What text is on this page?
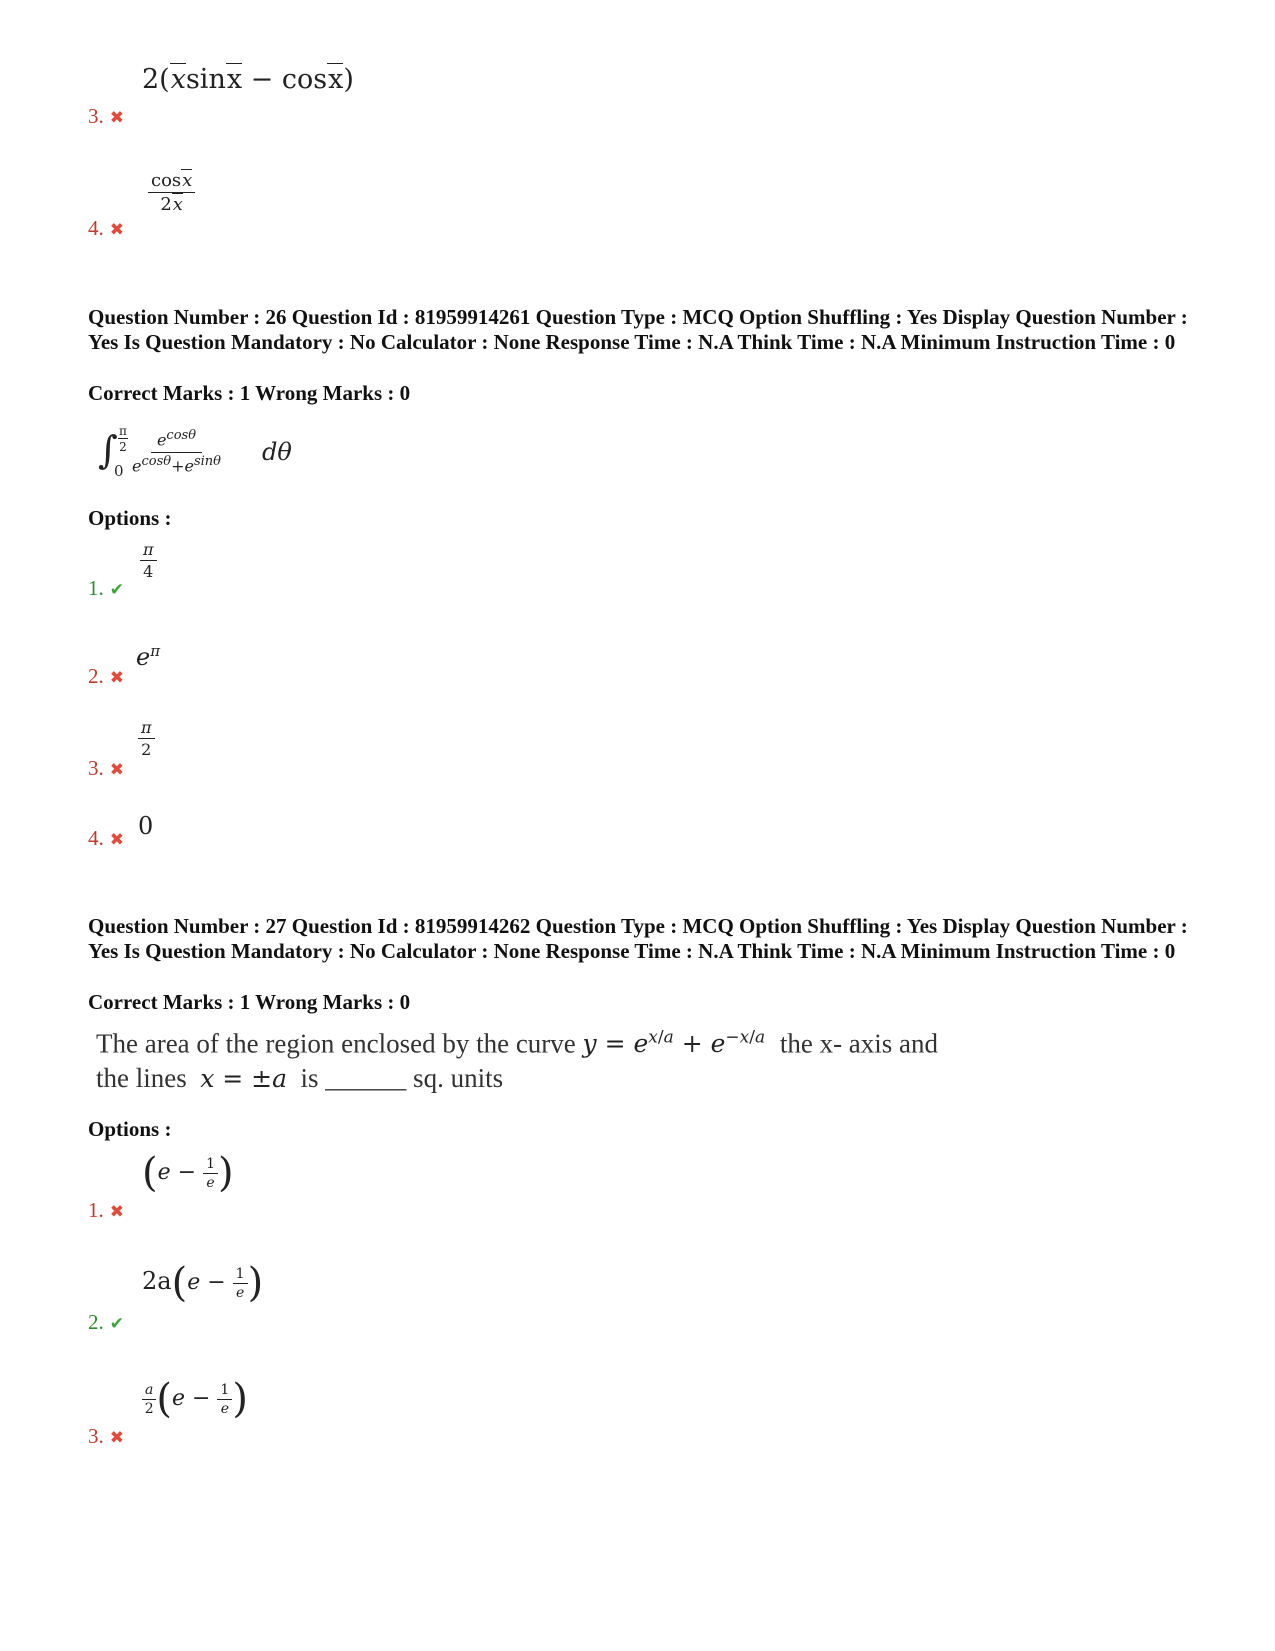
2(xsinx − cosx)
3. ✖
$\frac{\cos x}{2x}$
4. ✖
Question Number : 26 Question Id : 81959914261 Question Type : MCQ Option Shuffling : Yes Display Question Number : Yes Is Question Mandatory : No Calculator : None Response Time : N.A Think Time : N.A Minimum Instruction Time : 0
Correct Marks : 1 Wrong Marks : 0
∫ $\frac{\pi}{2}$
$0 \frac{e^{cos\theta}}{e^{cos\theta}+e^{sin\theta}}$ dθ
Options :
$\frac{\pi}{4}$
1. ✔
$e^\pi$
2. ✖
$\frac{\pi}{2}$
3. ✖
0
4. ✖
Question Number : 27 Question Id : 81959914262 Question Type : MCQ Option Shuffling : Yes Display Question Number : Yes Is Question Mandatory : No Calculator : None Response Time : N.A Think Time : N.A Minimum Instruction Time : 0
Correct Marks : 1 Wrong Marks : 0
The area of the region enclosed by the curve $y = e^{x/a} + e^{-x/a}$ the x- axis and
the lines x = ±a is ______ sq. units
Options :
($e - \frac{1}{e}$ )
1. ✖
$2a(e - \frac{1}{e}$ )
2. ✔
$\frac{a}{2} (e - \frac{1}{e}$ )
3. ✖
